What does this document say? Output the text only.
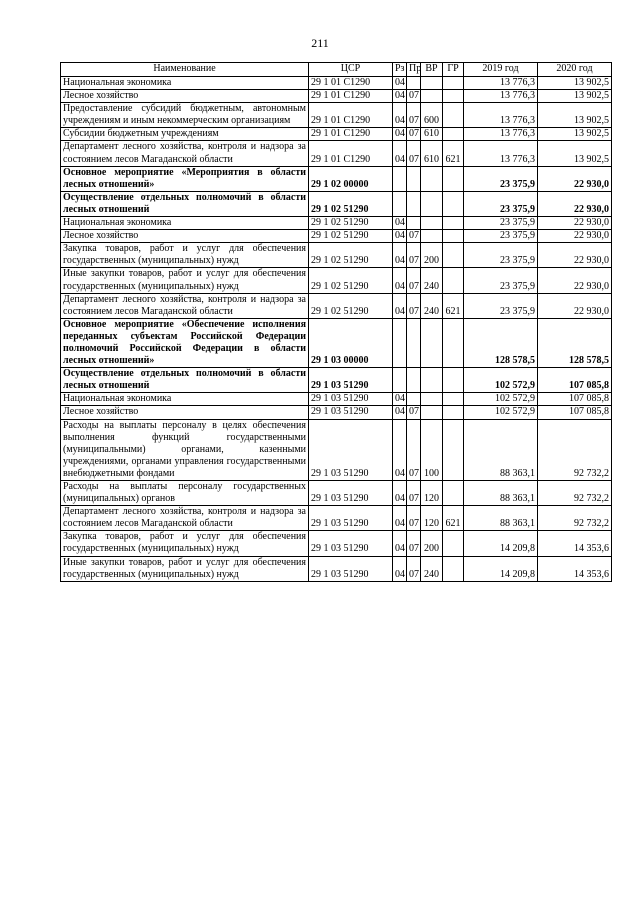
211
Наименование	ЦСР	Рз	Пр	ВР	ГР	2019 год	2020 год
Национальная экономика	29 1 01 С1290	04				13 776,3	13 902,5
Лесное хозяйство	29 1 01 С1290	04	07			13 776,3	13 902,5
Предоставление субсидий бюджетным, автономным учреждениям и иным некоммерческим организациям	29 1 01 С1290	04	07	600		13 776,3	13 902,5
Субсидии бюджетным учреждениям	29 1 01 С1290	04	07	610		13 776,3	13 902,5
Департамент лесного хозяйства, контроля и надзора за состоянием лесов Магаданской области	29 1 01 С1290	04	07	610	621	13 776,3	13 902,5
Основное мероприятие «Мероприятия в области лесных отношений»	29 1 02 00000					23 375,9	22 930,0
Осуществление отдельных полномочий в области лесных отношений	29 1 02 51290					23 375,9	22 930,0
Национальная экономика	29 1 02 51290	04				23 375,9	22 930,0
Лесное хозяйство	29 1 02 51290	04	07			23 375,9	22 930,0
Закупка товаров, работ и услуг для обеспечения государственных (муниципальных) нужд	29 1 02 51290	04	07	200		23 375,9	22 930,0
Иные закупки товаров, работ и услуг для обеспечения государственных (муниципальных) нужд	29 1 02 51290	04	07	240		23 375,9	22 930,0
Департамент лесного хозяйства, контроля и надзора за состоянием лесов Магаданской области	29 1 02 51290	04	07	240	621	23 375,9	22 930,0
Основное мероприятие «Обеспечение исполнения переданных субъектам Российской Федерации полномочий Российской Федерации в области лесных отношений»	29 1 03 00000					128 578,5	128 578,5
Осуществление отдельных полномочий в области лесных отношений	29 1 03 51290					102 572,9	107 085,8
Национальная экономика	29 1 03 51290	04				102 572,9	107 085,8
Лесное хозяйство	29 1 03 51290	04	07			102 572,9	107 085,8
Расходы на выплаты персоналу в целях обеспечения выполнения функций государственными (муниципальными) органами, казенными учреждениями, органами управления государственными внебюджетными фондами	29 1 03 51290	04	07	100		88 363,1	92 732,2
Расходы на выплаты персоналу государственных (муниципальных) органов	29 1 03 51290	04	07	120		88 363,1	92 732,2
Департамент лесного хозяйства, контроля и надзора за состоянием лесов Магаданской области	29 1 03 51290	04	07	120	621	88 363,1	92 732,2
Закупка товаров, работ и услуг для обеспечения государственных (муниципальных) нужд	29 1 03 51290	04	07	200		14 209,8	14 353,6
Иные закупки товаров, работ и услуг для обеспечения государственных (муниципальных) нужд	29 1 03 51290	04	07	240		14 209,8	14 353,6
